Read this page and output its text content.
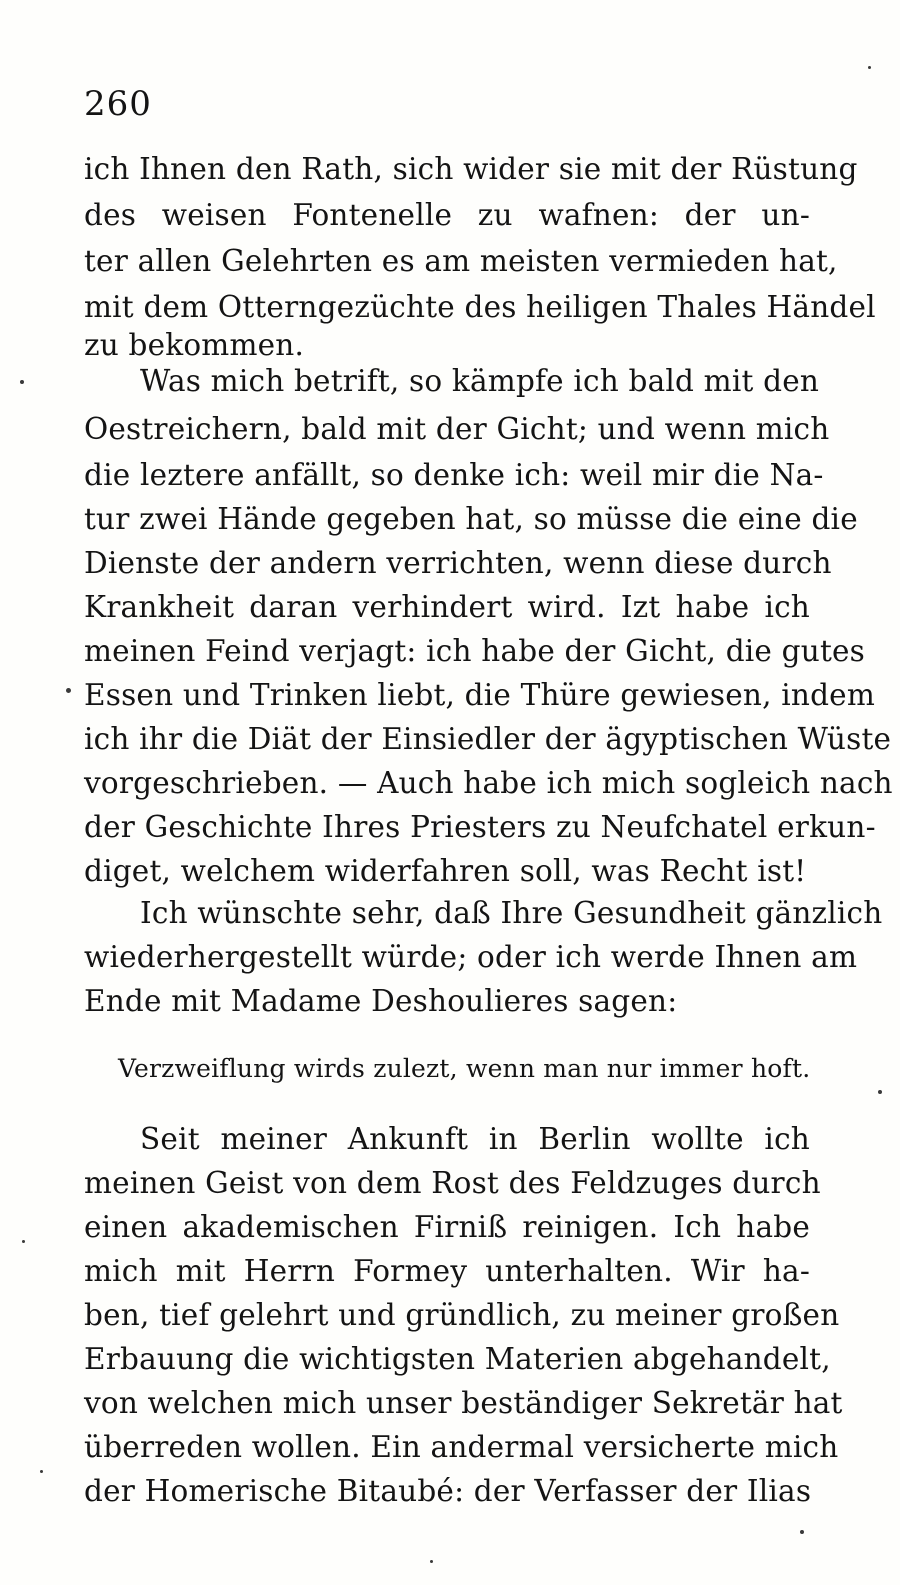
260
ich Ihnen den Rath, sich wider sie mit der Rüstung
des weisen Fontenelle zu wafnen: der un-
ter allen Gelehrten es am meisten vermieden hat,
mit dem Otterngezüchte des heiligen Thales Händel
zu bekommen.
Was mich betrift, so kämpfe ich bald mit den
Oestreichern, bald mit der Gicht; und wenn mich
die leztere anfällt, so denke ich: weil mir die Na-
tur zwei Hände gegeben hat, so müsse die eine die
Dienste der andern verrichten, wenn diese durch
Krankheit daran verhindert wird. Izt habe ich
meinen Feind verjagt: ich habe der Gicht, die gutes
Essen und Trinken liebt, die Thüre gewiesen, indem
ich ihr die Diät der Einsiedler der ägyptischen Wüste
vorgeschrieben. — Auch habe ich mich sogleich nach
der Geschichte Ihres Priesters zu Neufchatel erkun-
diget, welchem widerfahren soll, was Recht ist!
Ich wünschte sehr, daß Ihre Gesundheit gänzlich
wiederhergestellt würde; oder ich werde Ihnen am
Ende mit Madame Deshoulieres sagen:
Verzweiflung wirds zulezt, wenn man nur immer hoft.
Seit meiner Ankunft in Berlin wollte ich
meinen Geist von dem Rost des Feldzuges durch
einen akademischen Firniß reinigen. Ich habe
mich mit Herrn Formey unterhalten. Wir ha-
ben, tief gelehrt und gründlich, zu meiner großen
Erbauung die wichtigsten Materien abgehandelt,
von welchen mich unser beständiger Sekretär hat
überreden wollen. Ein andermal versicherte mich
der Homerische Bitaubé: der Verfasser der Ilias
